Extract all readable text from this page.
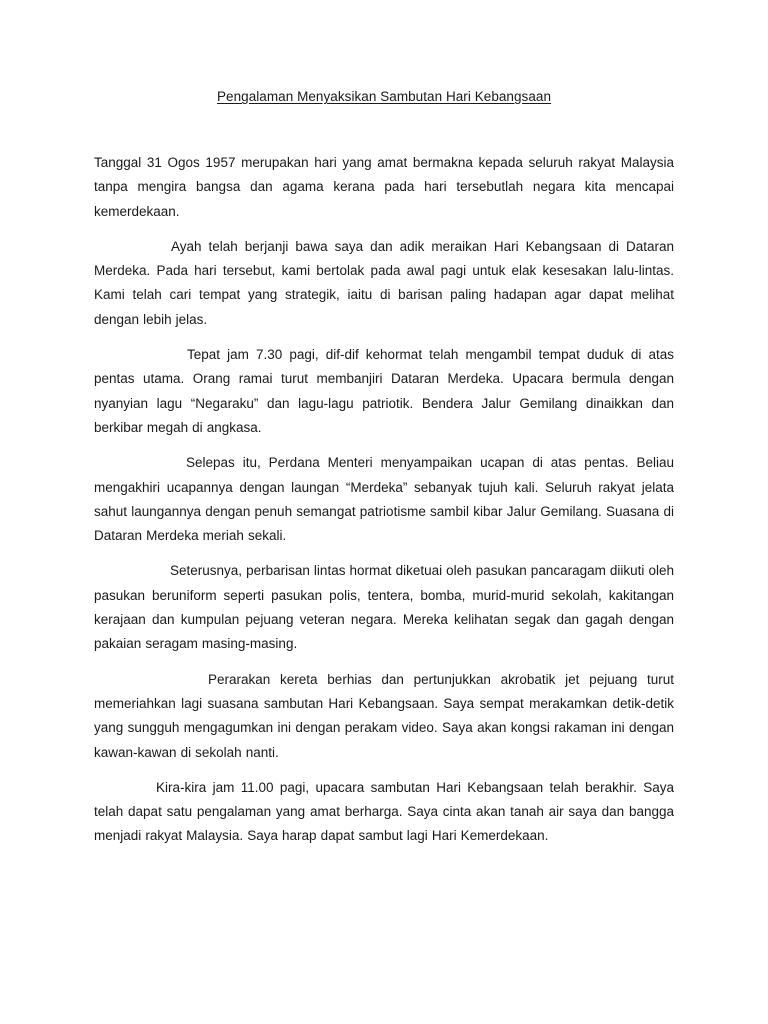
Pengalaman Menyaksikan Sambutan Hari Kebangsaan

Tanggal 31 Ogos 1957 merupakan hari yang amat bermakna kepada seluruh rakyat Malaysia tanpa mengira bangsa dan agama kerana pada hari tersebutlah negara kita mencapai kemerdekaan.

Ayah telah berjanji bawa saya dan adik meraikan Hari Kebangsaan di Dataran Merdeka. Pada hari tersebut, kami bertolak pada awal pagi untuk elak kesesakan lalu-lintas. Kami telah cari tempat yang strategik, iaitu di barisan paling hadapan agar dapat melihat dengan lebih jelas.

Tepat jam 7.30 pagi, dif-dif kehormat telah mengambil tempat duduk di atas pentas utama. Orang ramai turut membanjiri Dataran Merdeka. Upacara bermula dengan nyanyian lagu “Negaraku” dan lagu-lagu patriotik. Bendera Jalur Gemilang dinaikkan dan berkibar megah di angkasa.

Selepas itu, Perdana Menteri menyampaikan ucapan di atas pentas. Beliau mengakhiri ucapannya dengan laungan “Merdeka” sebanyak tujuh kali. Seluruh rakyat jelata sahut laungannya dengan penuh semangat patriotisme sambil kibar Jalur Gemilang. Suasana di Dataran Merdeka meriah sekali.

Seterusnya, perbarisan lintas hormat diketuai oleh pasukan pancaragam diikuti oleh pasukan beruniform seperti pasukan polis, tentera, bomba, murid-murid sekolah, kakitangan kerajaan dan kumpulan pejuang veteran negara. Mereka kelihatan segak dan gagah dengan pakaian seragam masing-masing.

Perarakan kereta berhias dan pertunjukkan akrobatik jet pejuang turut memeriahkan lagi suasana sambutan Hari Kebangsaan. Saya sempat merakamkan detik-detik yang sungguh mengagumkan ini dengan perakam video. Saya akan kongsi rakaman ini dengan kawan-kawan di sekolah nanti.

Kira-kira jam 11.00 pagi, upacara sambutan Hari Kebangsaan telah berakhir. Saya telah dapat satu pengalaman yang amat berharga. Saya cinta akan tanah air saya dan bangga menjadi rakyat Malaysia. Saya harap dapat sambut lagi Hari Kemerdekaan.
